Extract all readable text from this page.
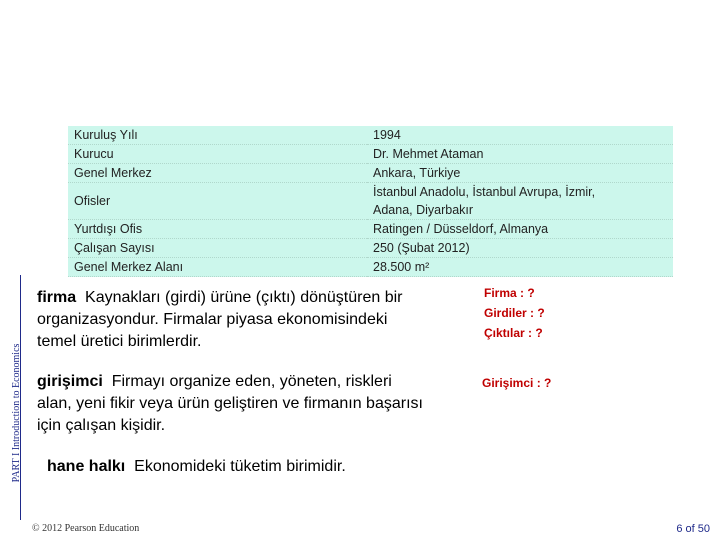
PART I Introduction to Economics
Kuruluş Yılı	1994
Kurucu	Dr. Mehmet Ataman
Genel Merkez	Ankara, Türkiye
Ofisler	İstanbul Anadolu, İstanbul Avrupa, İzmir,
Adana, Diyarbakır

Yurtdışı Ofis	Ratingen / Düsseldorf, Almanya
Çalışan Sayısı	250 (Şubat 2012)
Genel Merkez Alanı	28.500 m²
firma Kaynakları (girdi) ürüne (çıktı) dönüştüren bir
organizasyondur. Firmalar piyasa ekonomisindeki
temel üretici birimlerdir.
girişimci Firmayı organize eden, yöneten, riskleri
alan, yeni fikir veya ürün geliştiren ve firmanın başarısı
için çalışan kişidir.
hane halkı Ekonomideki tüketim birimidir.
Firma : ?
Girdiler : ?
Çıktılar : ?
Girişimci : ?
© 2012 Pearson Education	6 of 50
